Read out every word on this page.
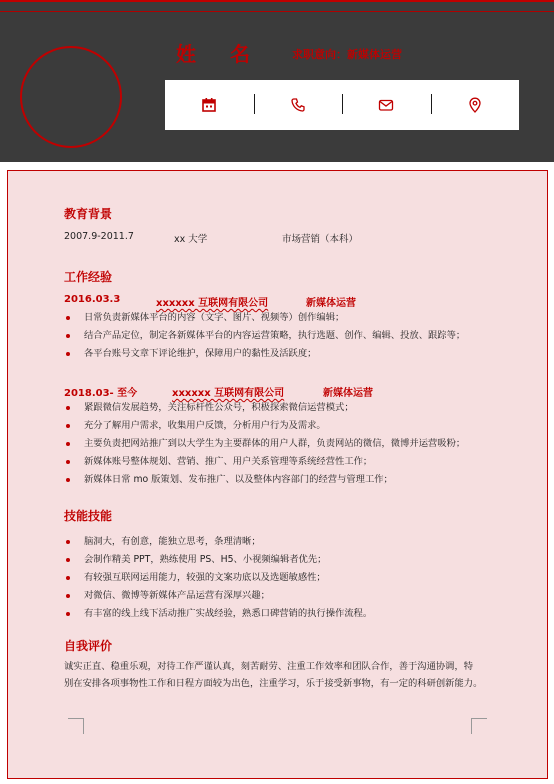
姓名 求职意向：新媒体运营
教育背景
2007.9-2011.7	xx 大学	市场营销（本科）
工作经验
2016.03.3	xxxxxx 互联网有限公司	新媒体运营
日常负责新媒体平台的内容（文字、图片、视频等）创作编辑；
结合产品定位，制定各新媒体平台的内容运营策略，执行选题、创作、编辑、投放、跟踪等；
各平台账号文章下评论维护，保障用户的黏性及活跃度；
2018.03- 至今	xxxxxx 互联网有限公司	新媒体运营
紧跟微信发展趋势，关注标杆性公众号，积极探索微信运营模式；
充分了解用户需求，收集用户反馈，分析用户行为及需求。
主要负责把网站推广到以大学生为主要群体的用户人群，负责网站的微信，微博并运营吸粉；
新媒体账号整体规划、营销、推广、用户关系管理等系统经营性工作；
新媒体日常 mo 版策划、发布推广、以及整体内容部门的经营与管理工作；
技能技能
脑洞大，有创意，能独立思考，条理清晰；
会制作精美 PPT，熟练使用 PS、H5、小视频编辑者优先；
有较强互联网运用能力，较强的文案功底以及选题敏感性；
对微信、微博等新媒体产品运营有深厚兴趣；
有丰富的线上线下活动推广实战经验，熟悉口碑营销的执行操作流程。
自我评价
诚实正直、稳重乐观，对待工作严谨认真，刻苦耐劳、注重工作效率和团队合作，善于沟通协调，特
别在安排各项事物性工作和日程方面较为出色，注重学习，乐于接受新事物，有一定的科研创新能力。
